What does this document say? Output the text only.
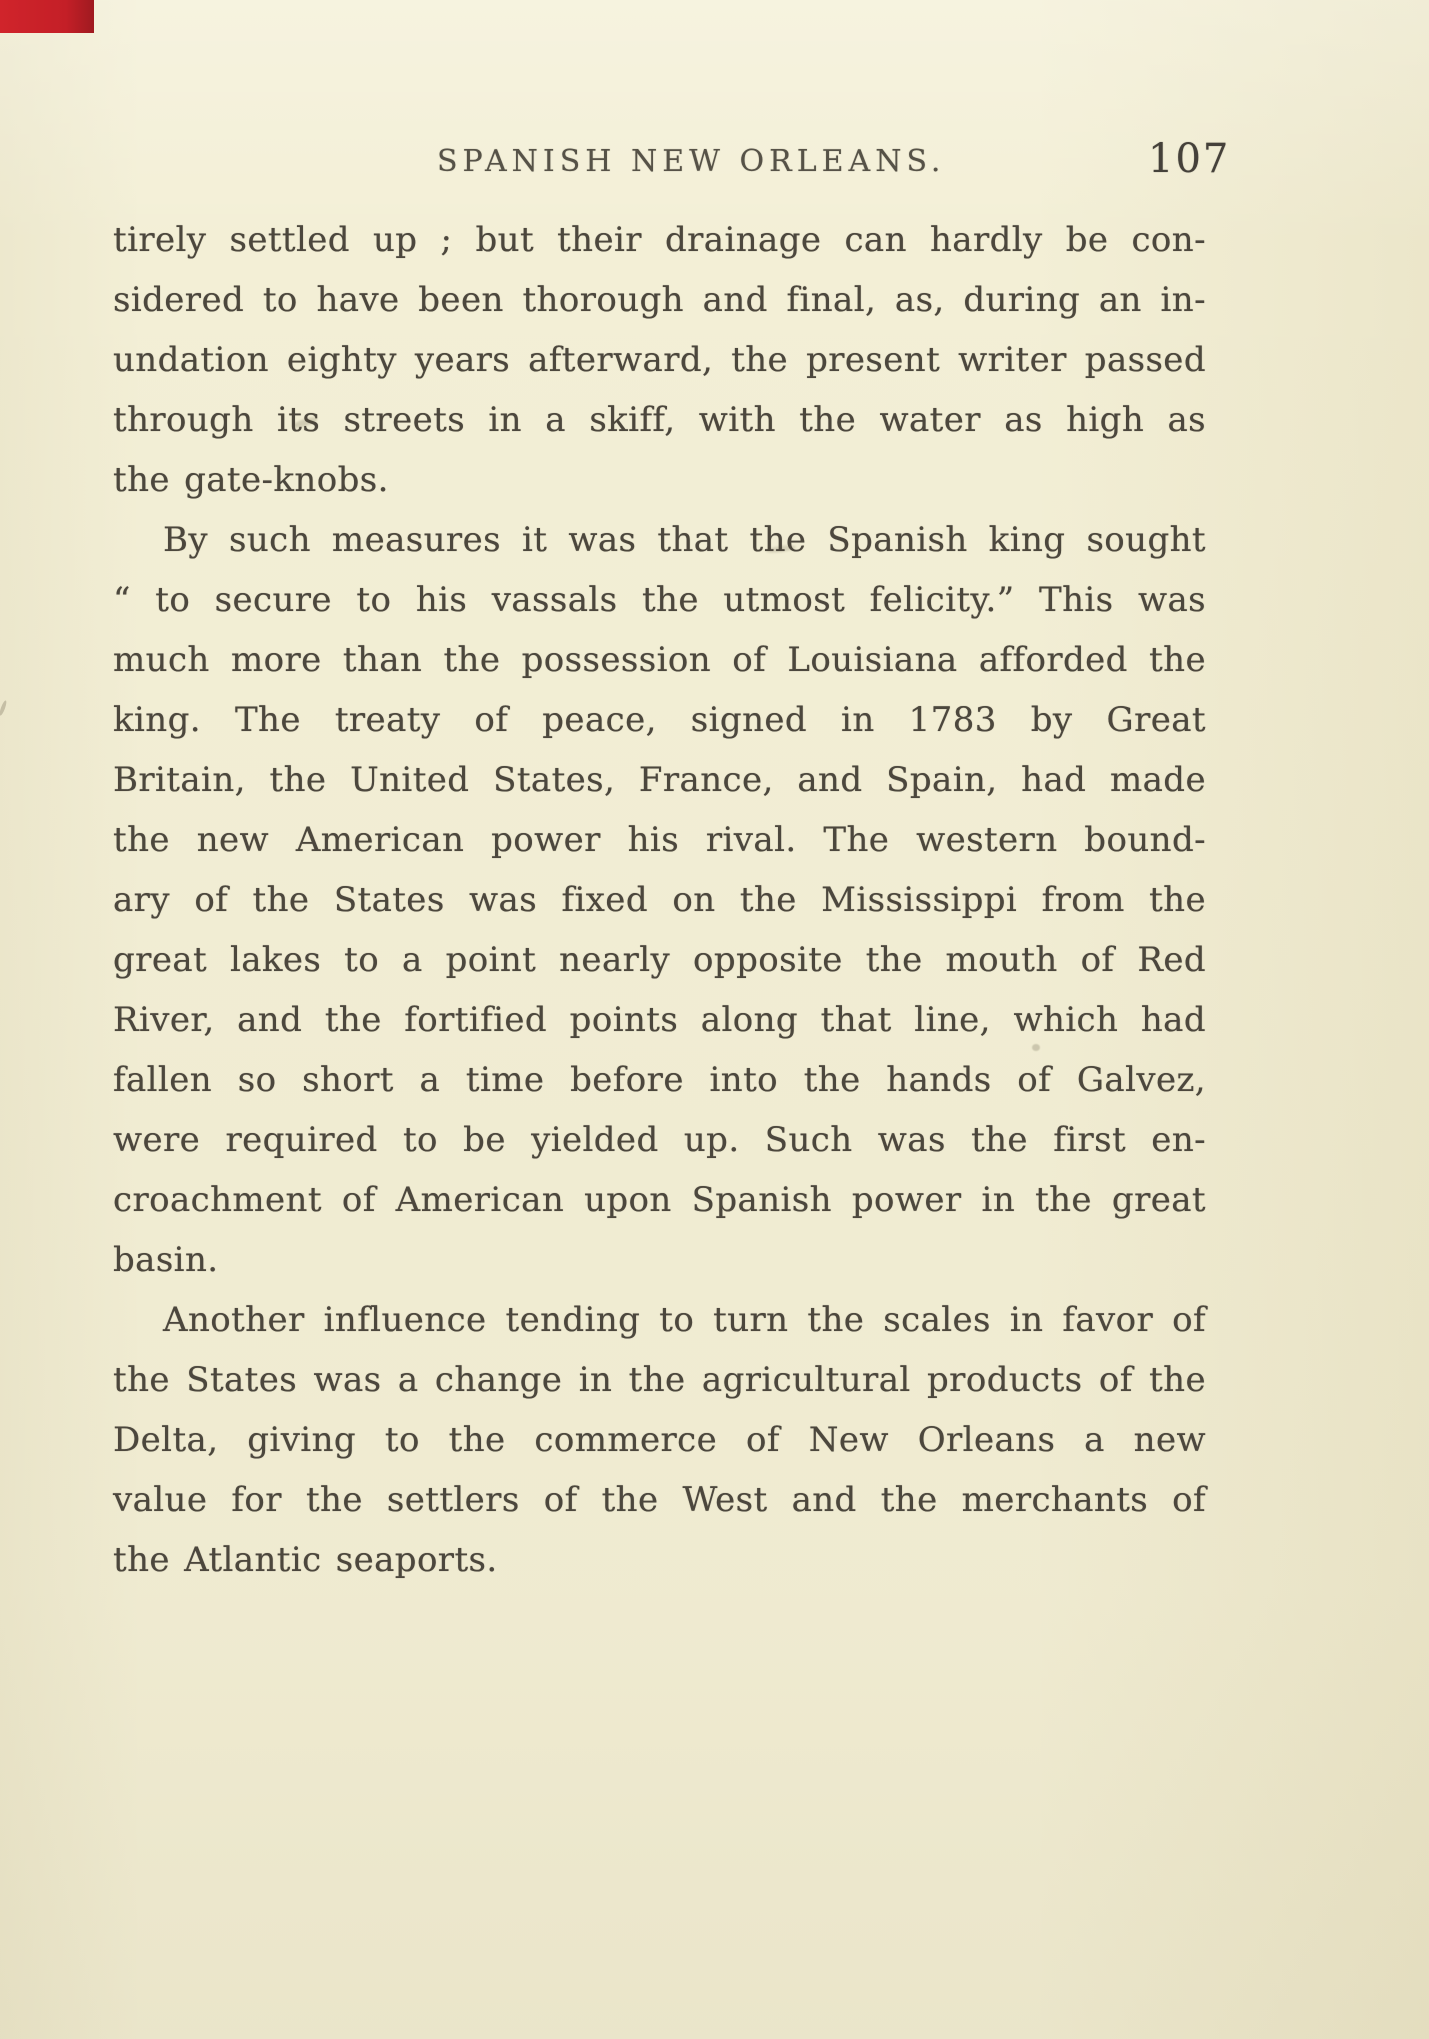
SPANISH NEW ORLEANS.	107
tirely settled up ; but their drainage can hardly be con-
sidered to have been thorough and final, as, during an in-
undation eighty years afterward, the present writer passed
through its streets in a skiff, with the water as high as
the gate-knobs.
By such measures it was that the Spanish king sought
“ to secure to his vassals the utmost felicity.” This was
much more than the possession of Louisiana afforded the
king. The treaty of peace, signed in 1783 by Great
Britain, the United States, France, and Spain, had made
the new American power his rival. The western bound-
ary of the States was fixed on the Mississippi from the
great lakes to a point nearly opposite the mouth of Red
River, and the fortified points along that line, which had
fallen so short a time before into the hands of Galvez,
were required to be yielded up. Such was the first en-
croachment of American upon Spanish power in the great
basin.
Another influence tending to turn the scales in favor of
the States was a change in the agricultural products of the
Delta, giving to the commerce of New Orleans a new
value for the settlers of the West and the merchants of
the Atlantic seaports.
